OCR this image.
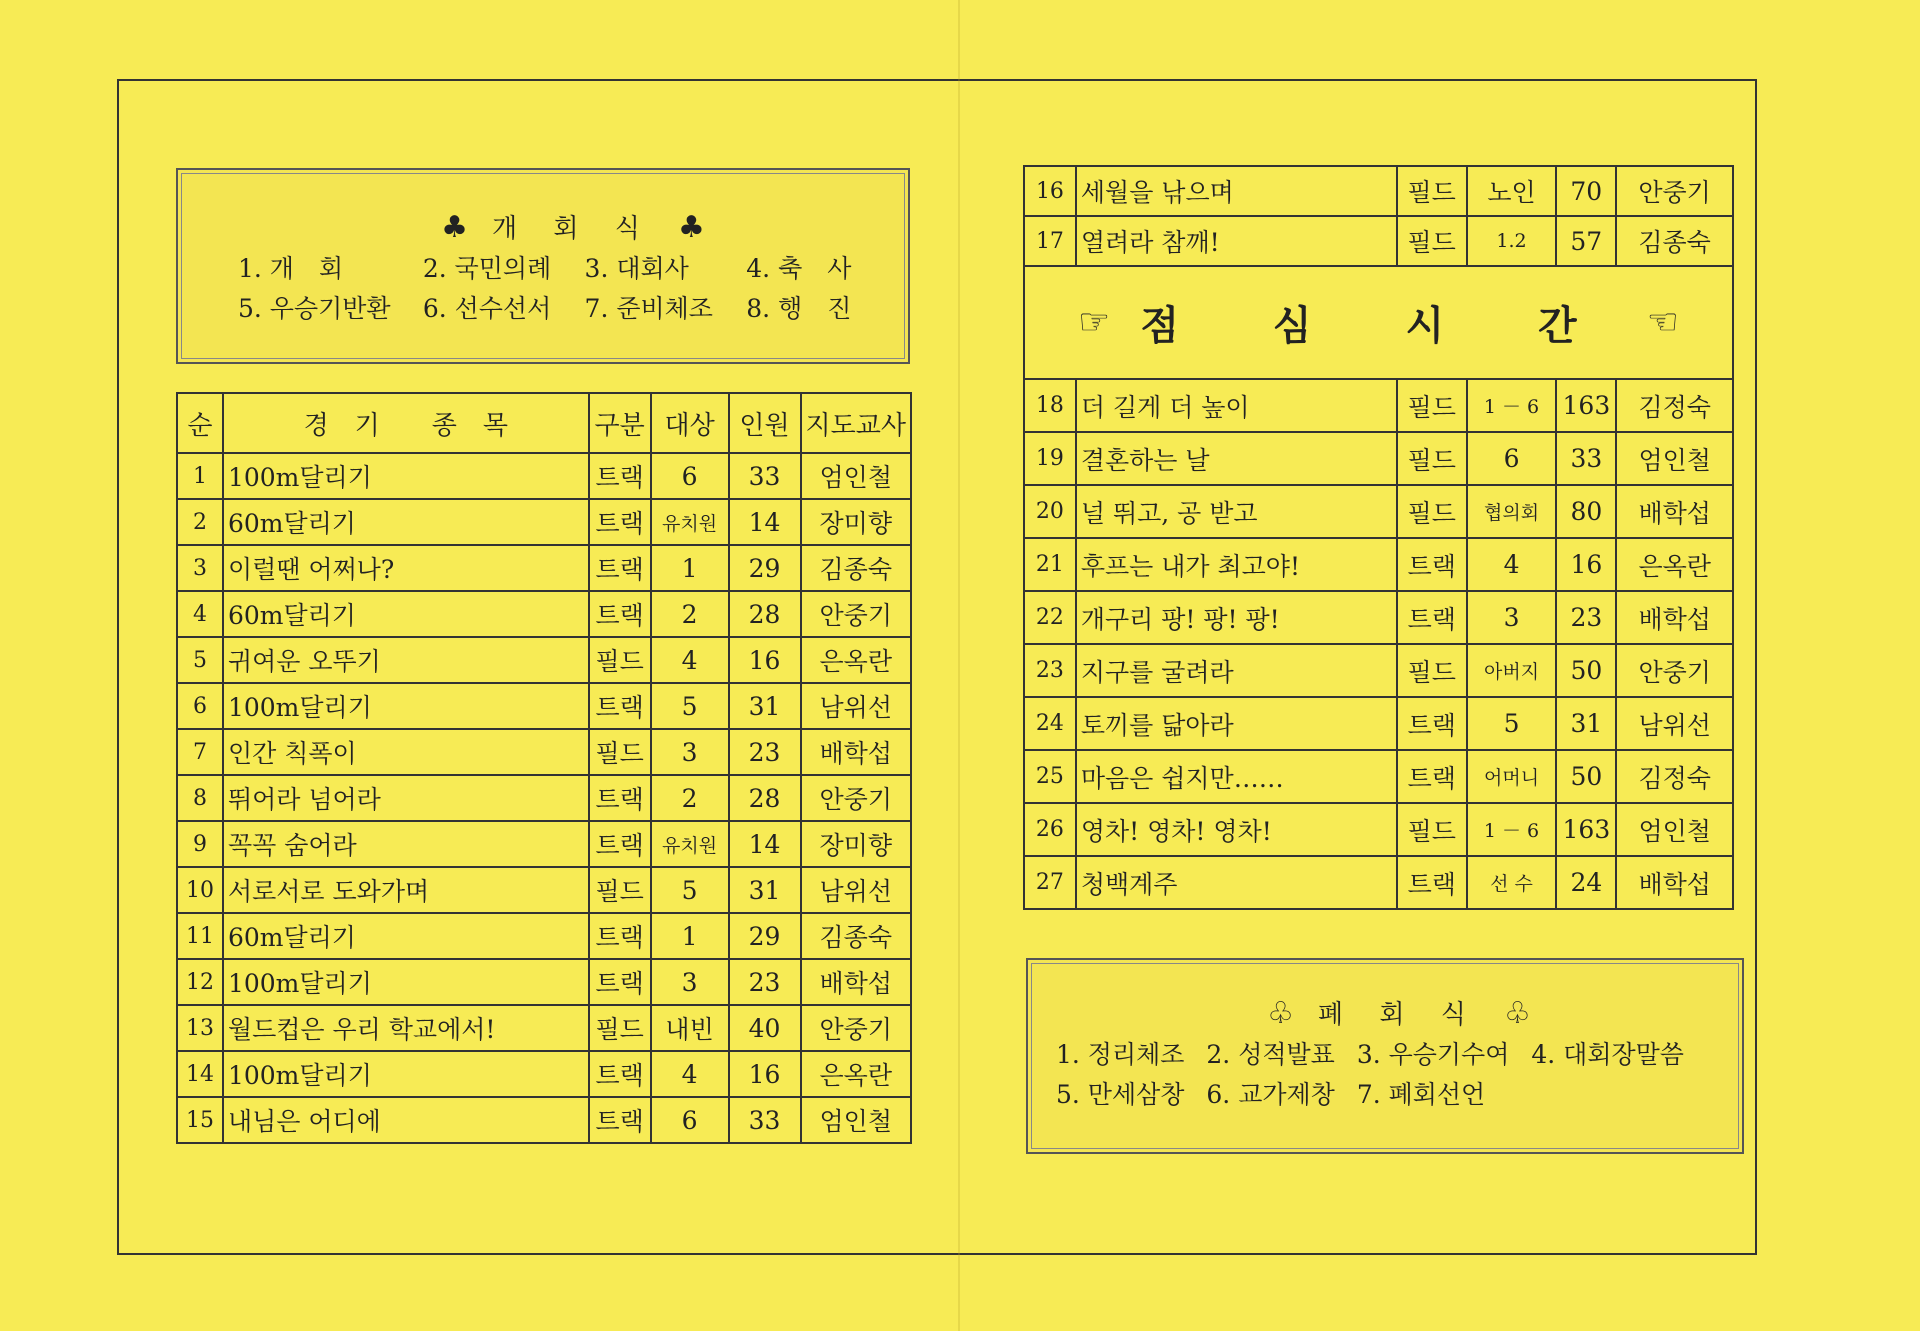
♣ 개 회 식 ♣
1. 개　회	2. 국민의례	3. 대회사	4. 축　사
5. 우승기반환	6. 선수선서	7. 준비체조	8. 행　진
순	경　기　　종　목	구분	대상	인원	지도교사
1	100m달리기	트랙	6	33	엄인철
2	60m달리기	트랙	유치원	14	장미향
3	이럴땐 어쩌나?	트랙	1	29	김종숙
4	60m달리기	트랙	2	28	안중기
5	귀여운 오뚜기	필드	4	16	은옥란
6	100m달리기	트랙	5	31	남위선
7	인간 칙폭이	필드	3	23	배학섭
8	뛰어라 넘어라	트랙	2	28	안중기
9	꼭꼭 숨어라	트랙	유치원	14	장미향
10	서로서로 도와가며	필드	5	31	남위선
11	60m달리기	트랙	1	29	김종숙
12	100m달리기	트랙	3	23	배학섭
13	월드컵은 우리 학교에서!	필드	내빈	40	안중기
14	100m달리기	트랙	4	16	은옥란
15	내님은 어디에	트랙	6	33	엄인철
16	세월을 낚으며	필드	노인	70	안중기
17	열려라 참깨!	필드	1.2	57	김종숙
☞ 점 심 시 간 ☜
18	더 길게 더 높이	필드	1 － 6	163	김정숙
19	결혼하는 날	필드	6	33	엄인철
20	널 뛰고, 공 받고	필드	협의회	80	배학섭
21	후프는 내가 최고야!	트랙	4	16	은옥란
22	개구리 팡! 팡! 팡!	트랙	3	23	배학섭
23	지구를 굴려라	필드	아버지	50	안중기
24	토끼를 닮아라	트랙	5	31	남위선
25	마음은 쉽지만……	트랙	어머니	50	김정숙
26	영차! 영차! 영차!	필드	1 － 6	163	엄인철
27	청백계주	트랙	선 수	24	배학섭
♧ 폐 회 식 ♧
1. 정리체조 2. 성적발표 3. 우승기수여 4. 대회장말씀
5. 만세삼창 6. 교가제창 7. 폐회선언
